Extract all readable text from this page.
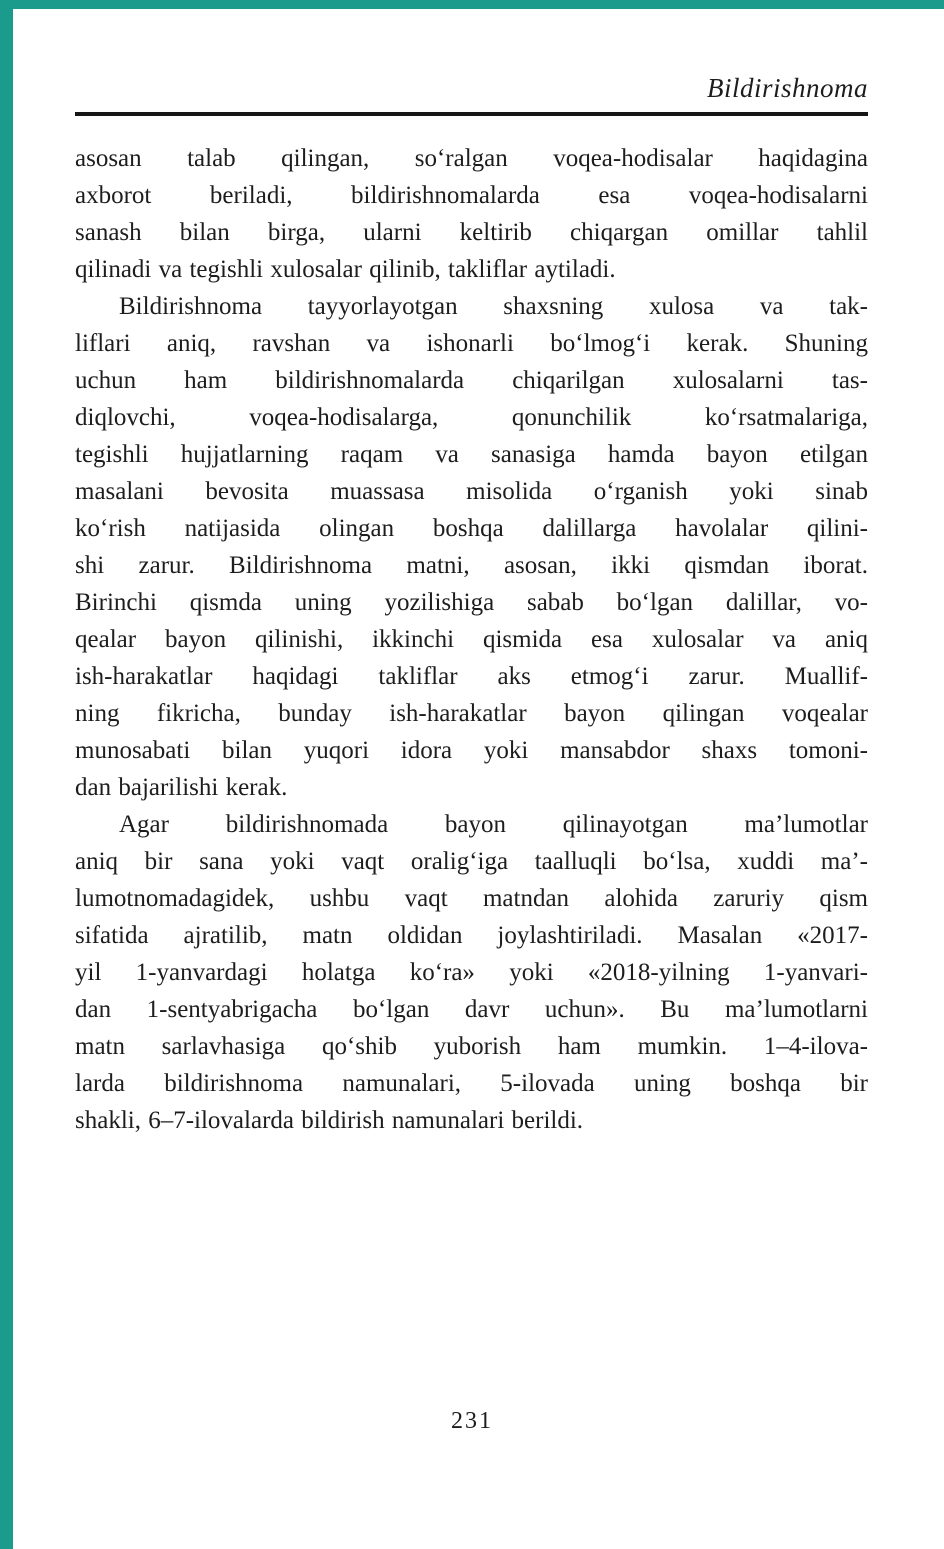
Bildirishnoma
asosan talab qilingan, so‘ralgan voqea-hodisalar haqidagina
axborot beriladi, bildirishnomalarda esa voqea-hodisalarni
sanash bilan birga, ularni keltirib chiqargan omillar tahlil
qilinadi va tegishli xulosalar qilinib, takliflar aytiladi.
Bildirishnoma tayyorlayotgan shaxsning xulosa va tak-
liflari aniq, ravshan va ishonarli bo‘lmog‘i kerak. Shuning
uchun ham bildirishnomalarda chiqarilgan xulosalarni tas-
diqlovchi, voqea-hodisalarga, qonunchilik ko‘rsatmalariga,
tegishli hujjatlarning raqam va sanasiga hamda bayon etilgan
masalani bevosita muassasa misolida o‘rganish yoki sinab
ko‘rish natijasida olingan boshqa dalillarga havolalar qilini-
shi zarur. Bildirishnoma matni, asosan, ikki qismdan iborat.
Birinchi qismda uning yozilishiga sabab bo‘lgan dalillar, vo-
qealar bayon qilinishi, ikkinchi qismida esa xulosalar va aniq
ish-harakatlar haqidagi takliflar aks etmog‘i zarur. Muallif-
ning fikricha, bunday ish-harakatlar bayon qilingan voqealar
munosabati bilan yuqori idora yoki mansabdor shaxs tomoni-
dan bajarilishi kerak.
Agar bildirishnomada bayon qilinayotgan ma’lumotlar
aniq bir sana yoki vaqt oralig‘iga taalluqli bo‘lsa, xuddi ma’-
lumotnomadagidek, ushbu vaqt matndan alohida zaruriy qism
sifatida ajratilib, matn oldidan joylashtiriladi. Masalan «2017-
yil 1-yanvardagi holatga ko‘ra» yoki «2018-yilning 1-yanvari-
dan 1-sentyabrigacha bo‘lgan davr uchun». Bu ma’lumotlarni
matn sarlavhasiga qo‘shib yuborish ham mumkin. 1–4-ilova-
larda bildirishnoma namunalari, 5-ilovada uning boshqa bir
shakli, 6–7-ilovalarda bildirish namunalari berildi.
231
